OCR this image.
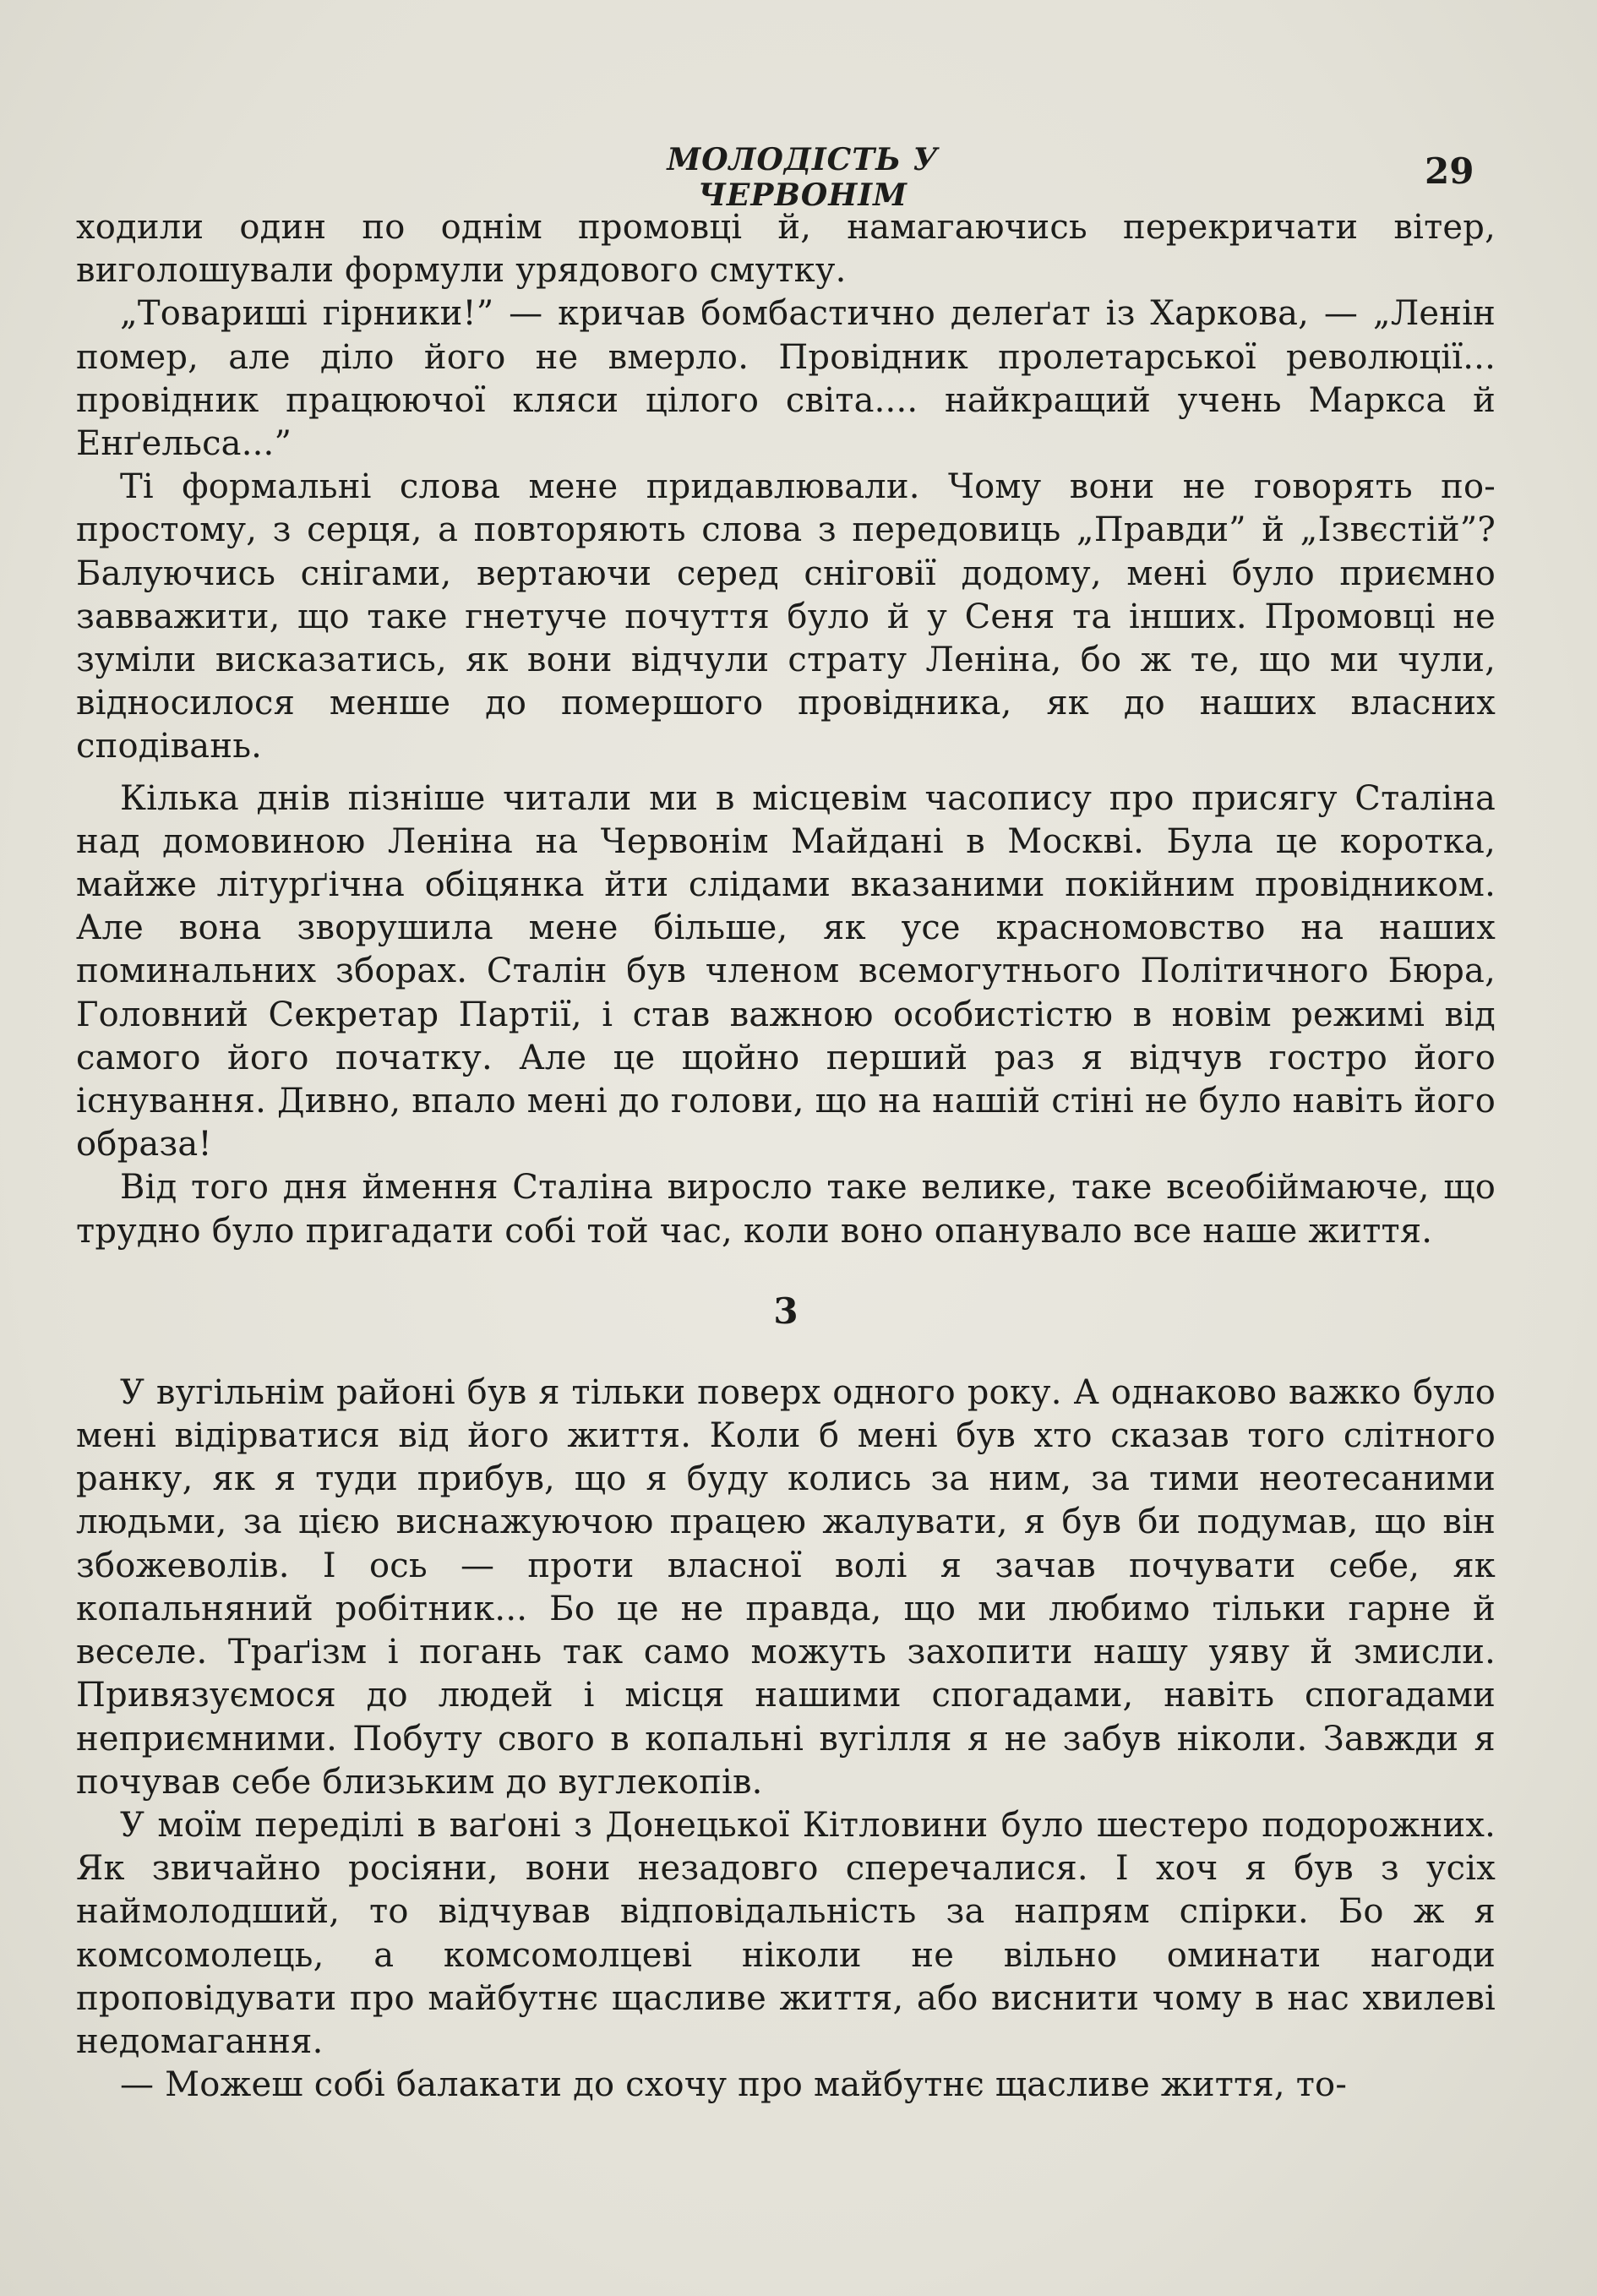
МОЛОДІСТЬ У ЧЕРВОНІМ
29

ходили один по однім промовці й, намагаючись перекричати вітер, виголошували формули урядового смутку.

„Товариші гірники!” — кричав бомбастично делеґат із Харкова, — „Ленін помер, але діло його не вмерло. Провідник пролетарської революції... провідник працюючої кляси цілого світа.... найкращий учень Маркса й Енґельса...”

Ті формальні слова мене придавлювали. Чому вони не говорять по-простому, з серця, а повторяють слова з передовиць „Правди” й „Ізвєстій”? Балуючись снігами, вертаючи серед сніговії додому, мені було приємно завважити, що таке гнетуче почуття було й у Сеня та інших. Промовці не зуміли висказатись, як вони відчули страту Леніна, бо ж те, що ми чули, відносилося менше до помершого провідника, як до наших власних сподівань.

Кілька днів пізніше читали ми в місцевім часопису про присягу Сталіна над домовиною Леніна на Червонім Майдані в Москві. Була це коротка, майже літурґічна обіцянка йти слідами вказаними покійним провідником. Але вона зворушила мене більше, як усе красномовство на наших поминальних зборах. Сталін був членом всемогутнього Політичного Бюра, Головний Секретар Партії, і став важною особистістю в новім режимі від самого його початку. Але це щойно перший раз я відчув гостро його існування. Дивно, впало мені до голови, що на нашій стіні не було навіть його образа!

Від того дня ймення Сталіна виросло таке велике, таке всеобіймаюче, що трудно було пригадати собі той час, коли воно опанувало все наше життя.

3

У вугільнім районі був я тільки поверх одного року. А однаково важко було мені відірватися від його життя. Коли б мені був хто сказав того слітного ранку, як я туди прибув, що я буду колись за ним, за тими неотесаними людьми, за цією виснажуючою працею жалувати, я був би подумав, що він збожеволів. І ось — проти власної волі я зачав почувати себе, як копальняний робітник... Бо це не правда, що ми любимо тільки гарне й веселе. Траґізм і погань так само можуть захопити нашу уяву й змисли. Привязуємося до людей і місця нашими спогадами, навіть спогадами неприємними. Побуту свого в копальні вугілля я не забув ніколи. Завжди я почував себе близьким до вуглекопів.

У моїм переділі в ваґоні з Донецької Кітловини було шестеро подорожних. Як звичайно росіяни, вони незадовго сперечалися. І хоч я був з усіх наймолодший, то відчував відповідальність за напрям спірки. Бо ж я комсомолець, а комсомолцеві ніколи не вільно оминати нагоди проповідувати про майбутнє щасливе життя, або виснити чому в нас хвилеві недомагання.

— Можеш собі балакати до схочу про майбутнє щасливе життя, то-
